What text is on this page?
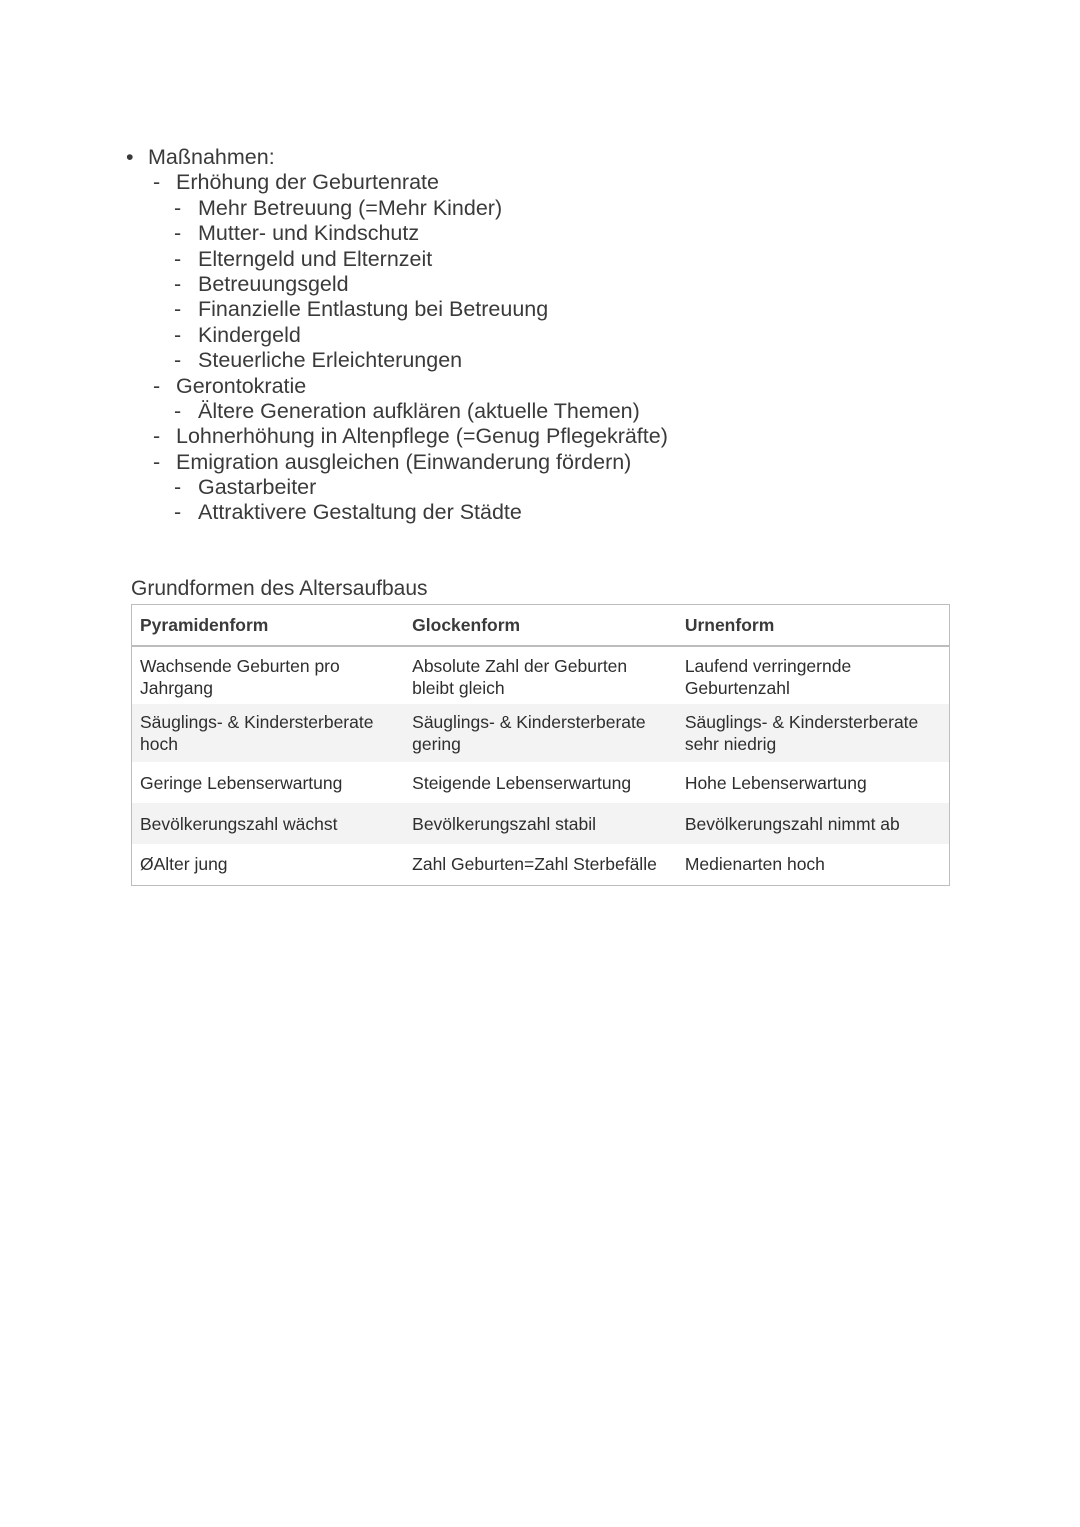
• Maßnahmen:
- Erhöhung der Geburtenrate
- Mehr Betreuung (=Mehr Kinder)
- Mutter- und Kindschutz
- Elterngeld und Elternzeit
- Betreuungsgeld
- Finanzielle Entlastung bei Betreuung
- Kindergeld
- Steuerliche Erleichterungen
- Gerontokratie
- Ältere Generation aufklären (aktuelle Themen)
- Lohnerhöhung in Altenpflege (=Genug Pflegekräfte)
- Emigration ausgleichen (Einwanderung fördern)
- Gastarbeiter
- Attraktivere Gestaltung der Städte
Grundformen des Altersaufbaus
Pyramidenform	Glockenform	Urnenform
Wachsende Geburten pro Jahrgang	Absolute Zahl der Geburten bleibt gleich	Laufend verringernde Geburtenzahl
Säuglings- & Kindersterberate hoch	Säuglings- & Kindersterberate gering	Säuglings- & Kindersterberate sehr niedrig
Geringe Lebenserwartung	Steigende Lebenserwartung	Hohe Lebenserwartung
Bevölkerungszahl wächst	Bevölkerungszahl stabil	Bevölkerungszahl nimmt ab
ØAlter jung	Zahl Geburten=Zahl Sterbefälle	Medienarten hoch
